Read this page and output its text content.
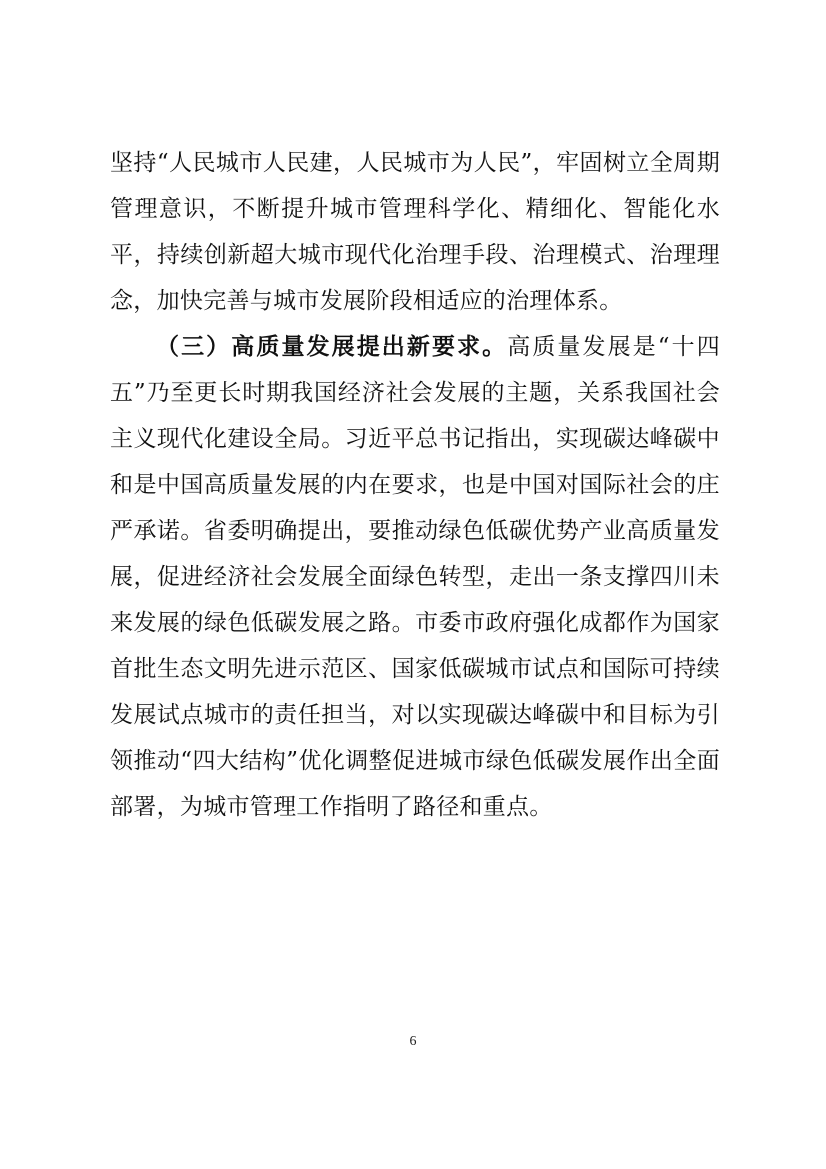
坚持“人民城市人民建，人民城市为人民”，牢固树立全周期管理意识，不断提升城市管理科学化、精细化、智能化水平，持续创新超大城市现代化治理手段、治理模式、治理理念，加快完善与城市发展阶段相适应的治理体系。

（三）高质量发展提出新要求。高质量发展是“十四五”乃至更长时期我国经济社会发展的主题，关系我国社会主义现代化建设全局。习近平总书记指出，实现碳达峰碳中和是中国高质量发展的内在要求，也是中国对国际社会的庄严承诺。省委明确提出，要推动绿色低碳优势产业高质量发展，促进经济社会发展全面绿色转型，走出一条支撑四川未来发展的绿色低碳发展之路。市委市政府强化成都作为国家首批生态文明先进示范区、国家低碳城市试点和国际可持续发展试点城市的责任担当，对以实现碳达峰碳中和目标为引领推动“四大结构”优化调整促进城市绿色低碳发展作出全面部署，为城市管理工作指明了路径和重点。

6
